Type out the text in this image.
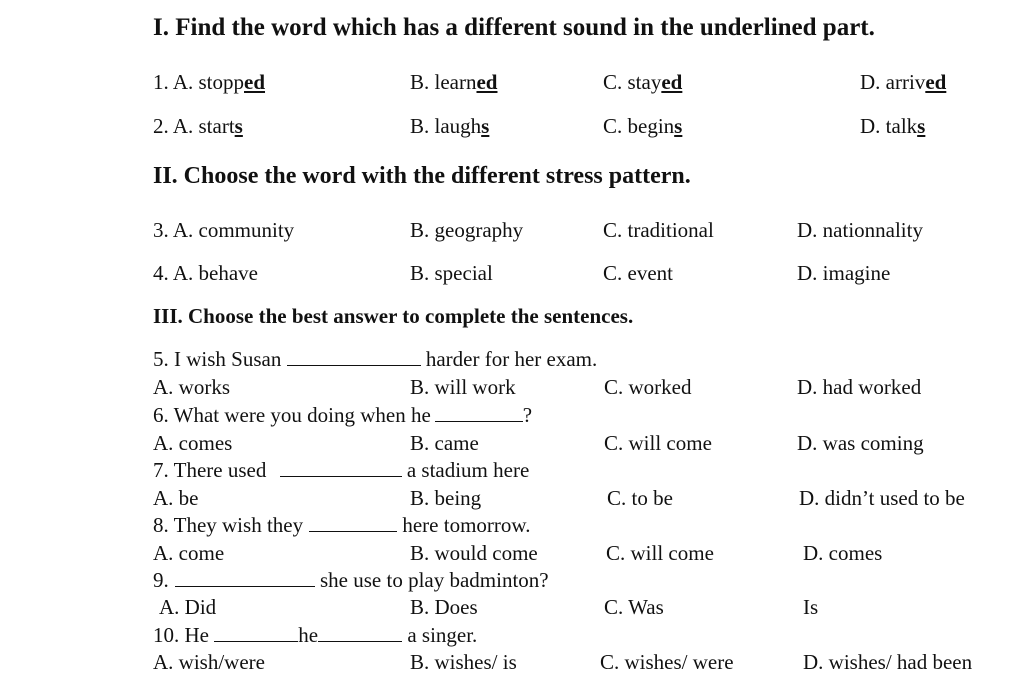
I. Find the word which has a different sound in the underlined part.
1. A. stopped	B. learned	C. stayed	D. arrived
2. A. starts	B. laughs	C. begins	D. talks
II. Choose the word with the different stress pattern.
3. A. community	B. geography	C. traditional	D. nationnality
4. A. behave	B. special	C. event	D. imagine
III. Choose the best answer to complete the sentences.
5. I wish Susan	harder for her exam.
A. works	B. will work	C. worked	D. had worked
6. What were you doing when he	?
A. comes	B. came	C. will come	D. was coming
7. There used	a stadium here
A. be	B. being	C. to be	D. didn’t used to be
8. They wish they	here tomorrow.
A. come	B. would come	C. will come	D. comes
9.	she use to play badminton?
A. Did	B. Does	C. Was	Is
10. He	he	a singer.
A. wish/were	B. wishes/ is	C. wishes/ were	D. wishes/ had been
